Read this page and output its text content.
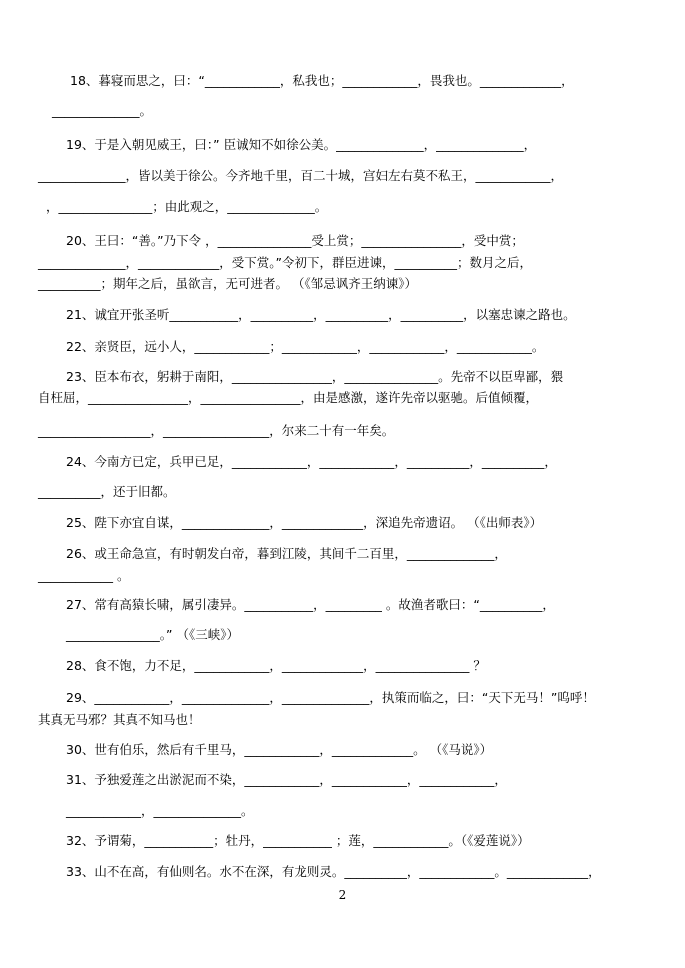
18、暮寝而思之，曰：“____________，私我也；____________，畏我也。_____________，
______________。
19、于是入朝见威王，曰：” 臣诚知不如徐公美。______________，______________，
______________，皆以美于徐公。今齐地千里，百二十城，宫妇左右莫不私王，____________，
，_______________；由此观之，______________。
20、王曰：“善。”乃下令 ，_______________受上赏；________________，受中赏；
______________，_____________，受下赏。”令初下，群臣进谏，__________；数月之后，
__________；期年之后，虽欲言，无可进者。 （《邹忌讽齐王纳谏》）
21、诚宜开张圣听___________，__________，__________，__________，以塞忠谏之路也。
22、亲贤臣，远小人，____________；____________，____________，____________。
23、臣本布衣，躬耕于南阳，________________，_______________。先帝不以臣卑鄙，猥
自枉屈，________________，________________，由是感激，遂许先帝以驱驰。后值倾覆，
__________________，_________________，尔来二十有一年矣。
24、今南方已定，兵甲已足，____________，____________，__________，__________，
__________，还于旧都。
25、陛下亦宜自谋，______________，_____________，深追先帝遗诏。 （《出师表》）
26、或王命急宣，有时朝发白帝，暮到江陵，其间千二百里，______________，
____________ 。
27、常有高猿长啸，属引凄异。___________，_________ 。故渔者歌曰：“__________，
_______________。” （《三峡》）
28、食不饱，力不足，____________，_____________，_______________ ？
29、____________，______________，______________，执策而临之，曰：“天下无马！”呜呼！
其真无马邪？其真不知马也！
30、世有伯乐，然后有千里马，____________，_____________。 （《马说》）
31、予独爱莲之出淤泥而不染，____________，____________，____________，
____________，______________。
32、予谓菊，___________；牡丹，___________ ；莲，____________。（《爱莲说》）
33、山不在高，有仙则名。水不在深，有龙则灵。__________，____________。_____________，
2
